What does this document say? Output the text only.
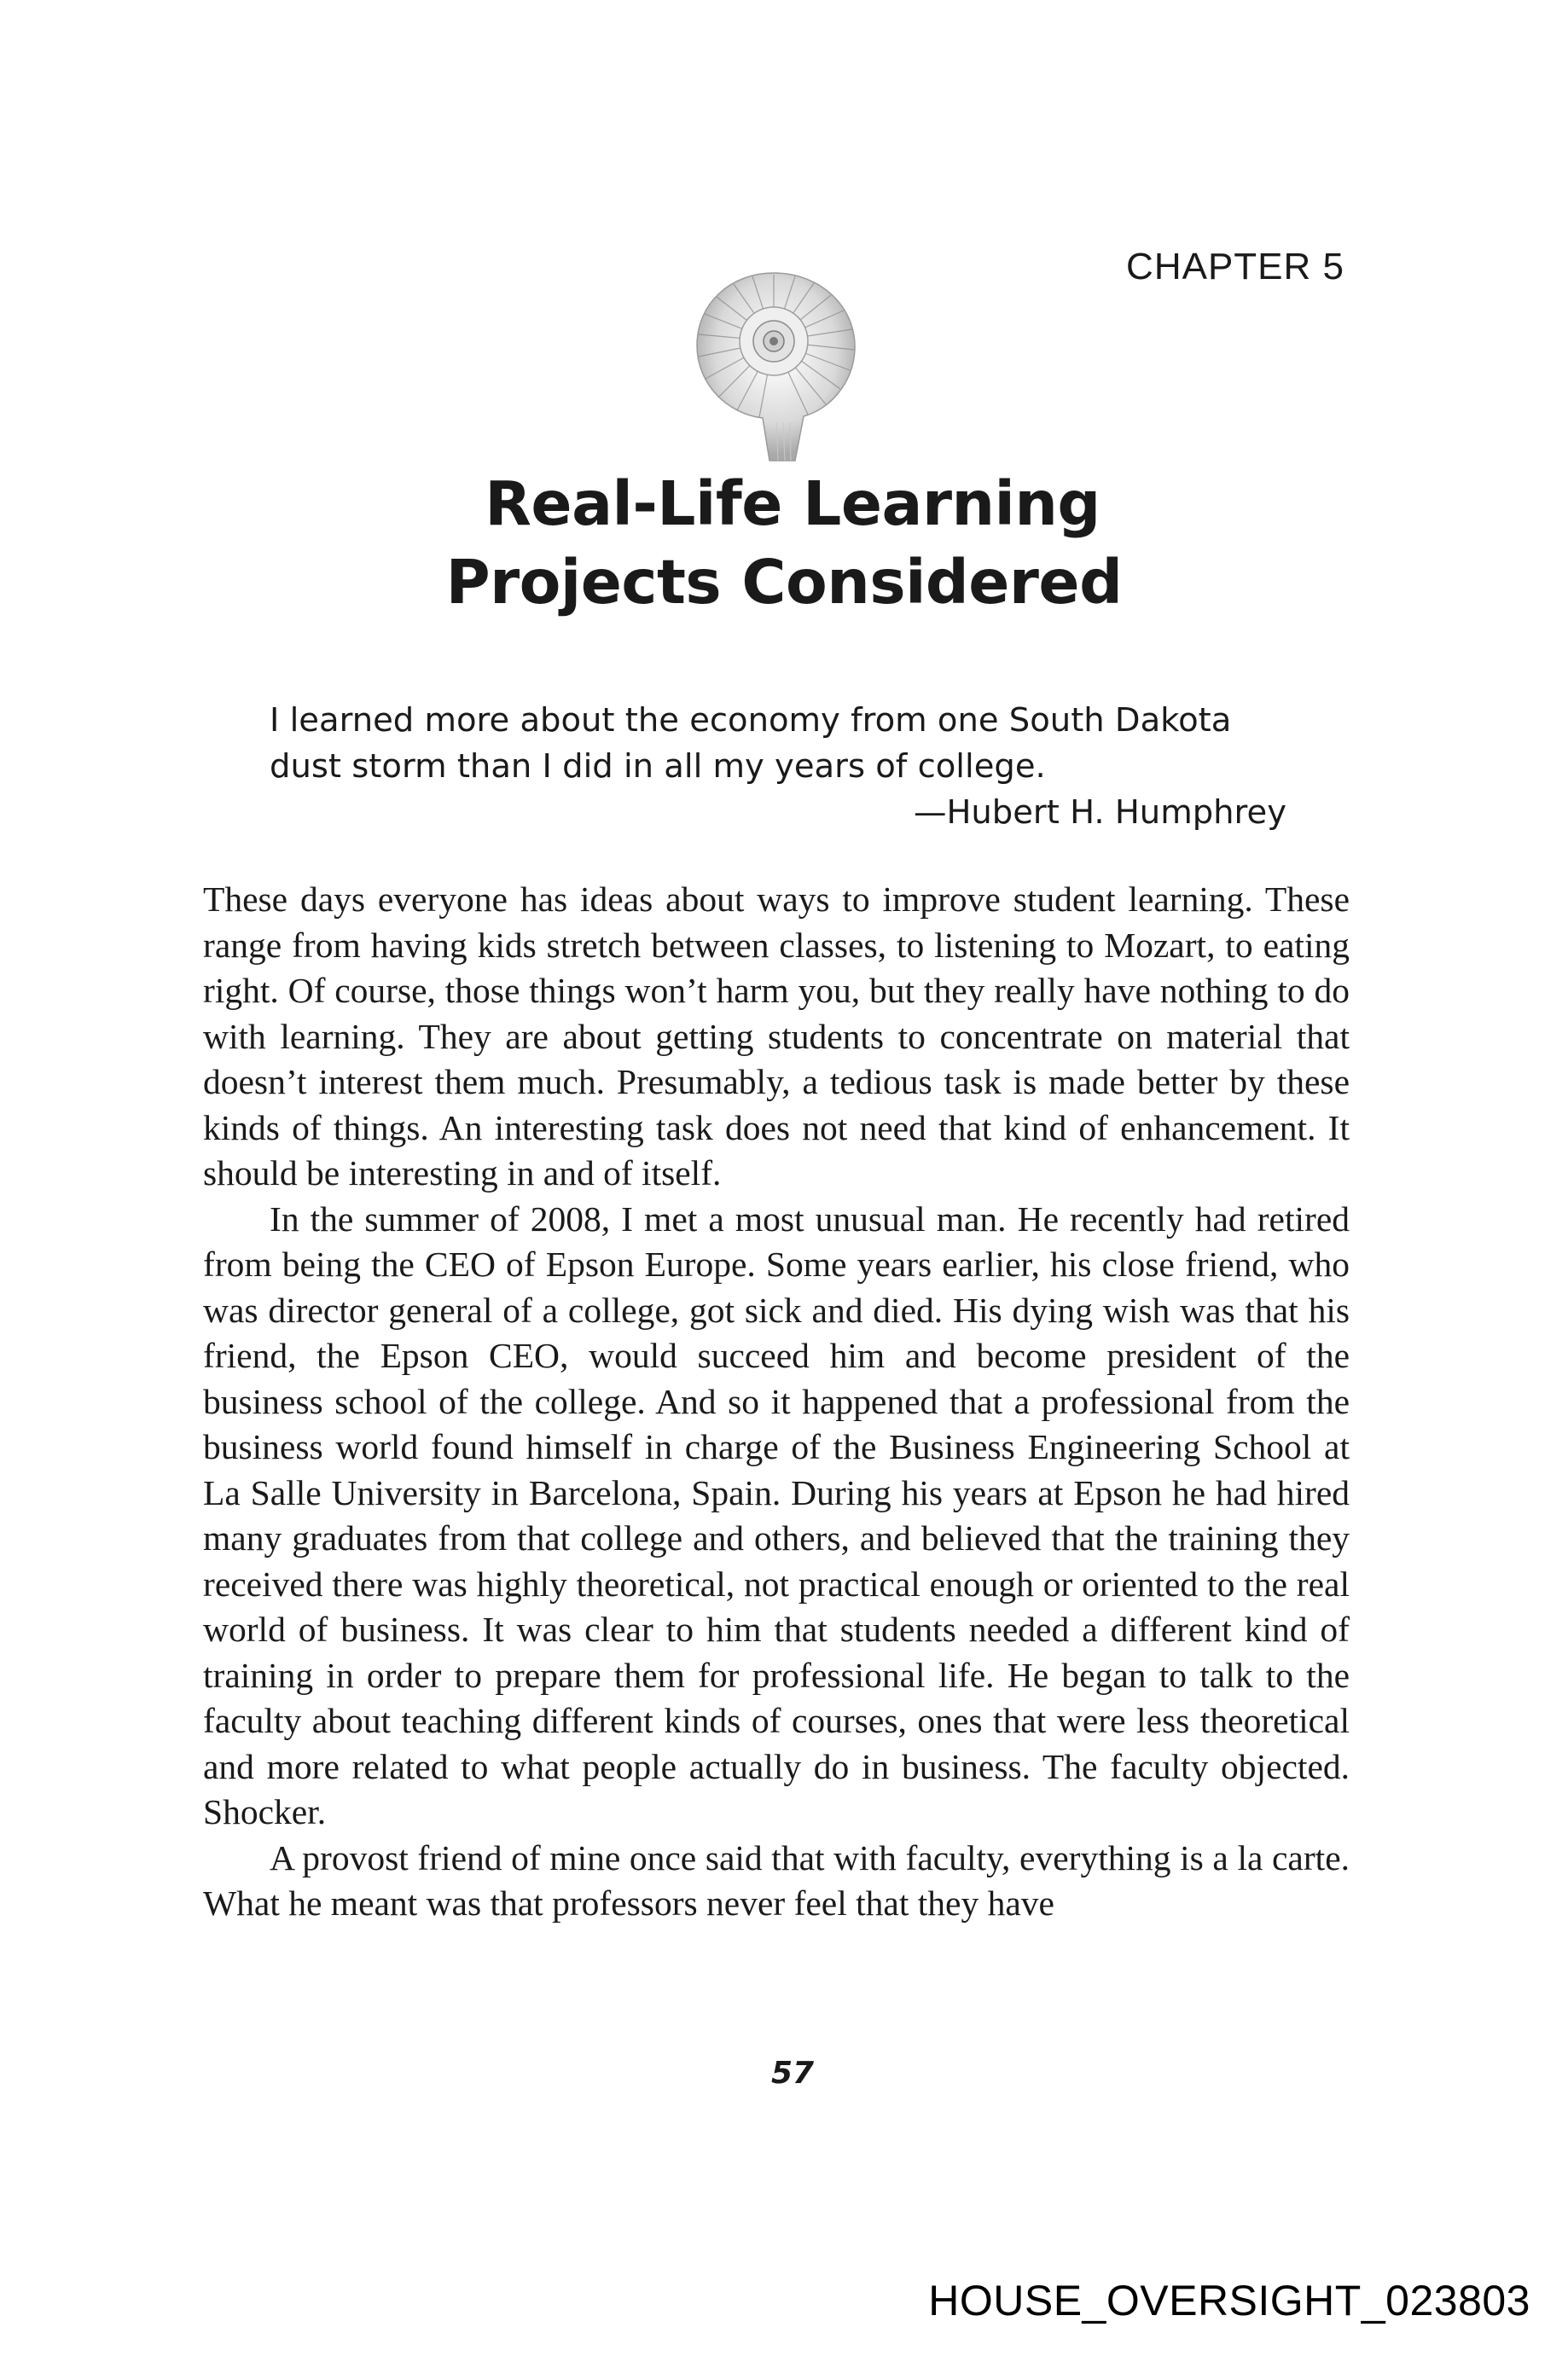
CHAPTER 5
Real-Life Learning
Projects Considered

I learned more about the economy from one South Dakota dust storm than I did in all my years of college.

—Hubert H. Humphrey

These days everyone has ideas about ways to improve student learning. These range from having kids stretch between classes, to listening to Mozart, to eating right. Of course, those things won’t harm you, but they really have nothing to do with learning. They are about getting students to concentrate on material that doesn’t interest them much. Presumably, a tedious task is made better by these kinds of things. An interesting task does not need that kind of enhancement. It should be interesting in and of itself.

In the summer of 2008, I met a most unusual man. He recently had retired from being the CEO of Epson Europe. Some years earlier, his close friend, who was director general of a college, got sick and died. His dying wish was that his friend, the Epson CEO, would succeed him and become president of the business school of the college. And so it happened that a professional from the business world found himself in charge of the Business Engineering School at La Salle University in Barcelona, Spain. During his years at Epson he had hired many graduates from that college and others, and believed that the training they received there was highly theoretical, not practical enough or oriented to the real world of business. It was clear to him that students needed a different kind of training in order to prepare them for professional life. He began to talk to the faculty about teaching different kinds of courses, ones that were less theoretical and more related to what people actually do in business. The faculty objected. Shocker.

A provost friend of mine once said that with faculty, everything is a la carte. What he meant was that professors never feel that they have

57
HOUSE_OVERSIGHT_023803
